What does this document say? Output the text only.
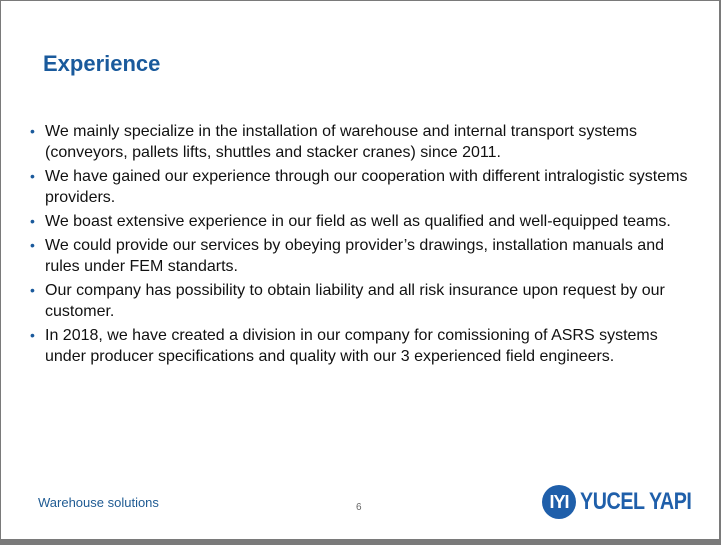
Experience
• We mainly specialize in the installation of warehouse and internal transport systems (conveyors, pallets lifts, shuttles and stacker cranes) since 2011.
• We have gained our experience through our cooperation with different intralogistic systems providers.
• We boast extensive experience in our field as well as qualified and well-equipped teams.
• We could provide our services by obeying provider’s drawings, installation manuals and rules under FEM standarts.
• Our company has possibility to obtain liability and all risk insurance upon request by our customer.
• In 2018, we have created a division in our company for comissioning of ASRS systems under producer specifications and quality with our 3 experienced field engineers.
Warehouse solutions	6	IYI YUCEL YAPI
